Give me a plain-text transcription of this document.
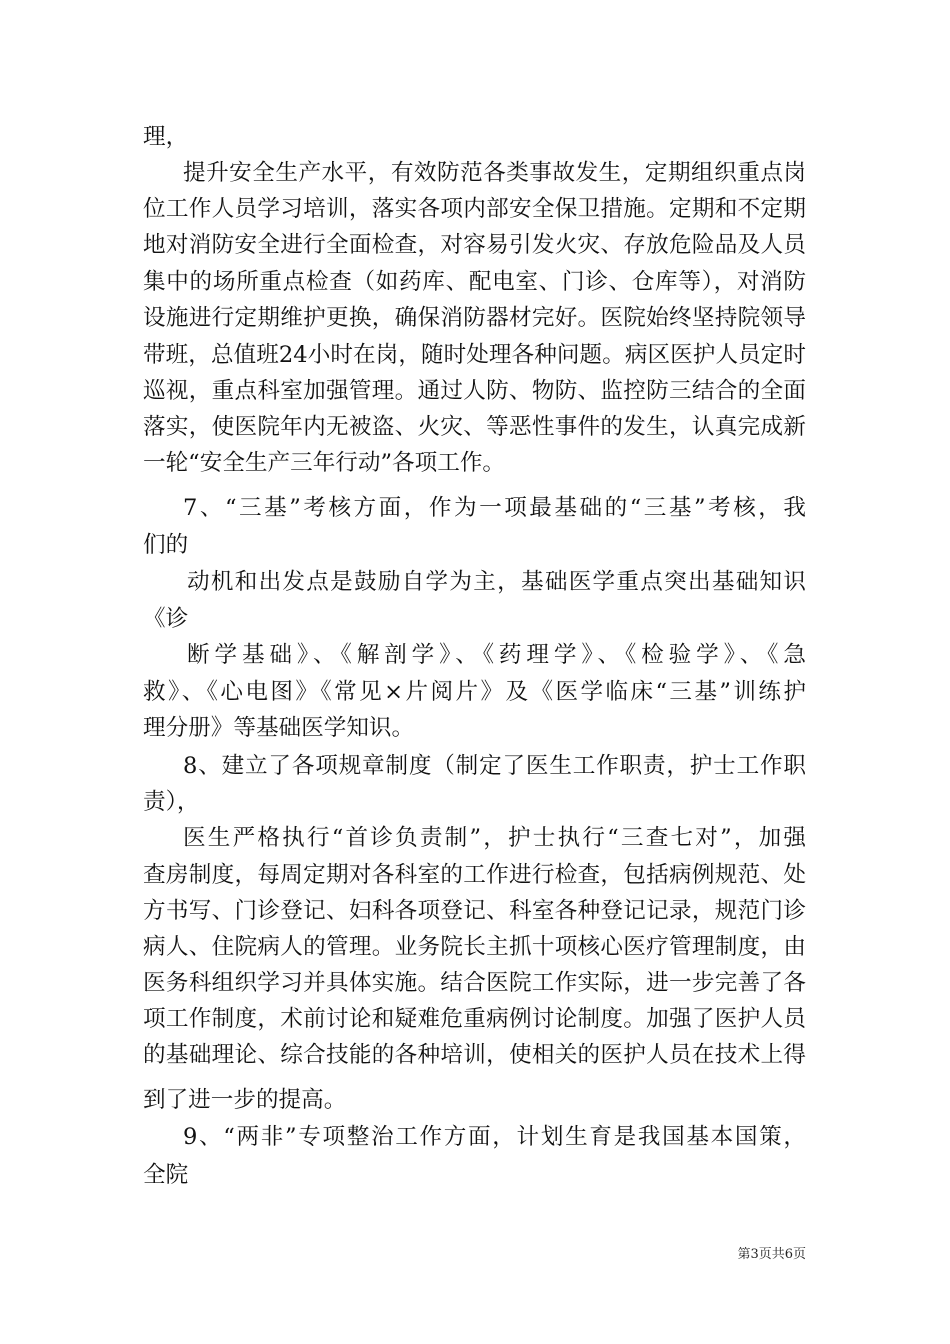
理，
提升安全生产水平，有效防范各类事故发生，定期组织重点岗
位工作人员学习培训，落实各项内部安全保卫措施。定期和不定期
地对消防安全进行全面检查，对容易引发火灾、存放危险品及人员
集中的场所重点检查（如药库、配电室、门诊、仓库等），对消防
设施进行定期维护更换，确保消防器材完好。医院始终坚持院领导
带班，总值班24小时在岗，随时处理各种问题。病区医护人员定时
巡视，重点科室加强管理。通过人防、物防、监控防三结合的全面
落实，使医院年内无被盗、火灾、等恶性事件的发生，认真完成新
一轮“安全生产三年行动”各项工作。
7、“三基”考核方面，作为一项最基础的“三基”考核，我
们的
动机和出发点是鼓励自学为主，基础医学重点突出基础知识
《诊
断学基础》、《解剖学》、《药理学》、《检验学》、《急
救》、《心电图》《常见×片阅片》及《医学临床“三基”训练护
理分册》等基础医学知识。
8、建立了各项规章制度（制定了医生工作职责，护士工作职
责），
医生严格执行“首诊负责制”，护士执行“三查七对”，加强
查房制度，每周定期对各科室的工作进行检查，包括病例规范、处
方书写、门诊登记、妇科各项登记、科室各种登记记录，规范门诊
病人、住院病人的管理。业务院长主抓十项核心医疗管理制度，由
医务科组织学习并具体实施。结合医院工作实际，进一步完善了各
项工作制度，术前讨论和疑难危重病例讨论制度。加强了医护人员
的基础理论、综合技能的各种培训，使相关的医护人员在技术上得
到了进一步的提高。
9、“两非”专项整治工作方面，计划生育是我国基本国策，
全院
第3页共6页
